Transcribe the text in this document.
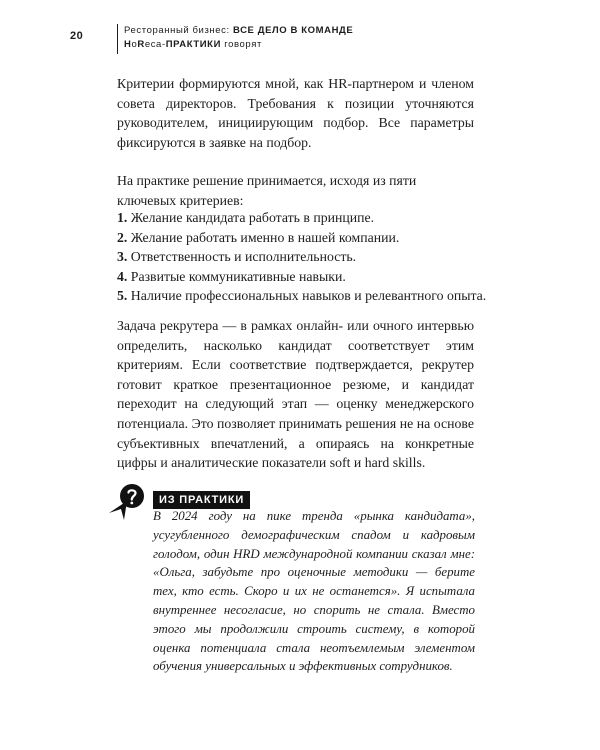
20	Ресторанный бизнес: ВСЕ ДЕЛО В КОМАНДЕ
HoReca-ПРАКТИКИ говорят

Критерии формируются мной, как HR-партнером и членом совета директоров. Требования к позиции уточняются руководителем, инициирующим подбор. Все параметры фиксируются в заявке на подбор.

На практике решение принимается, исходя из пяти ключевых критериев:

1. Желание кандидата работать в принципе.
2. Желание работать именно в нашей компании.
3. Ответственность и исполнительность.
4. Развитые коммуникативные навыки.
5. Наличие профессиональных навыков и релевантного опыта.

Задача рекрутера — в рамках онлайн- или очного интервью определить, насколько кандидат соответствует этим критериям. Если соответствие подтверждается, рекрутер готовит краткое презентационное резюме, и кандидат переходит на следующий этап — оценку менеджерского потенциала. Это позволяет принимать решения не на основе субъективных впечатлений, а опираясь на конкретные цифры и аналитические показатели soft и hard skills.

ИЗ ПРАКТИКИ

В 2024 году на пике тренда «рынка кандидата», усугубленного демографическим спадом и кадровым голодом, один HRD международной компании сказал мне: «Ольга, забудьте про оценочные методики — берите тех, кто есть. Скоро и их не останется». Я испытала внутреннее несогласие, но спорить не стала. Вместо этого мы продолжили строить систему, в которой оценка потенциала стала неотъемлемым элементом обучения универсальных и эффективных сотрудников.
